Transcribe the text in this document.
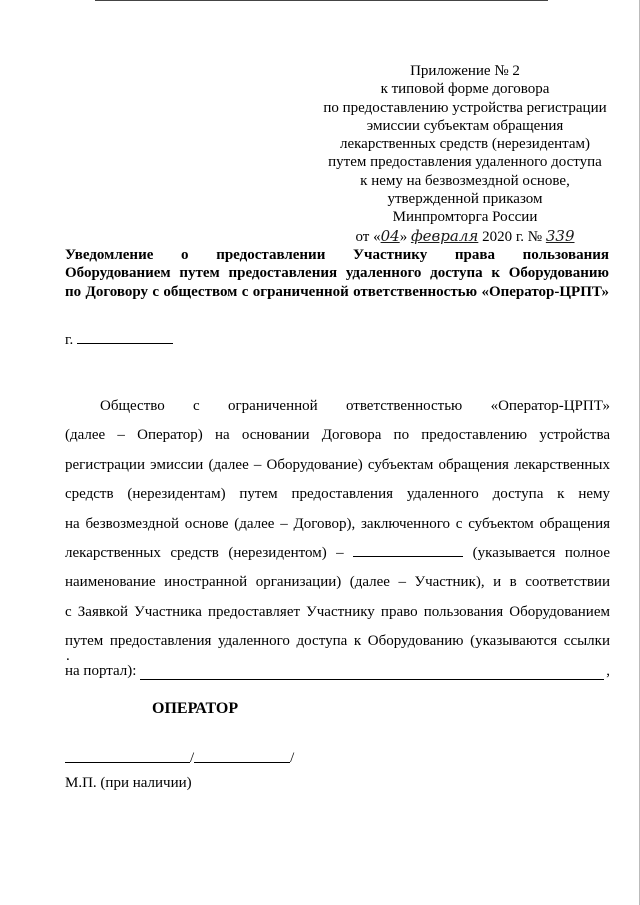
Приложение № 2
к типовой форме договора
по предоставлению устройства регистрации
эмиссии субъектам обращения
лекарственных средств (нерезидентам)
путем предоставления удаленного доступа
к нему на безвозмездной основе,
утвержденной приказом
Минпромторга России
от «04» февраля 2020 г. № 339
Уведомление о предоставлении Участнику права пользования
Оборудованием путем предоставления удаленного доступа к Оборудованию
по Договору с обществом с ограниченной ответственностью «Оператор-ЦРПТ»
г.
Общество с ограниченной ответственностью «Оператор-ЦРПТ»
(далее – Оператор) на основании Договора по предоставлению устройства
регистрации эмиссии (далее – Оборудование) субъектам обращения лекарственных
средств (нерезидентам) путем предоставления удаленного доступа к нему
на безвозмездной основе (далее – Договор), заключенного с субъектом обращения
лекарственных средств (нерезидентом) –	(указывается полное
наименование иностранной организации) (далее – Участник), и в соответствии
с Заявкой Участника предоставляет Участнику право пользования Оборудованием
путем предоставления удаленного доступа к Оборудованию (указываются ссылки
на портал):	,
.
ОПЕРАТОР
/	/
М.П. (при наличии)
